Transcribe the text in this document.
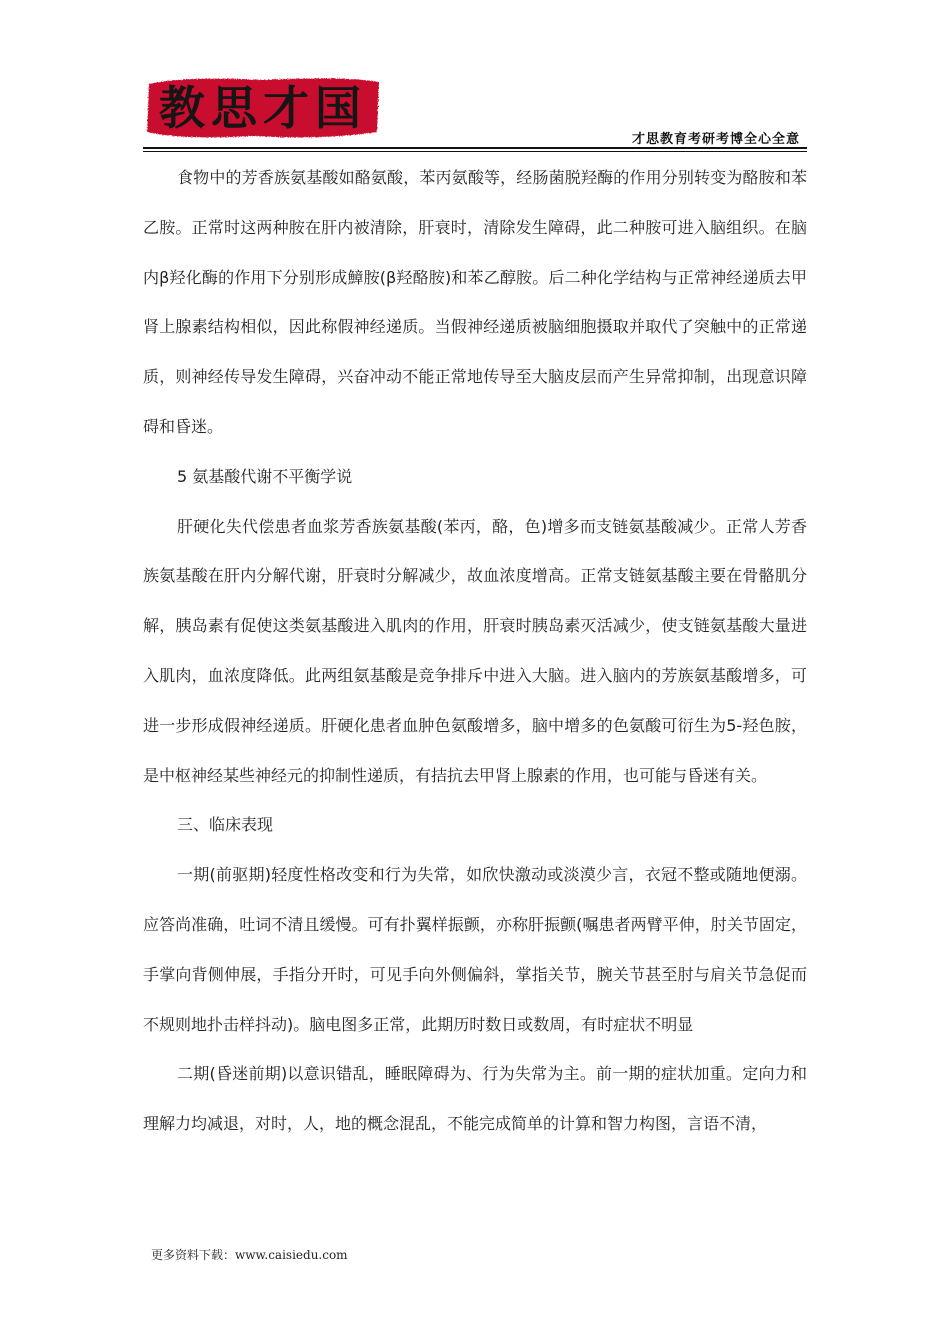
教思才国
才思教育考研考博全心全意

食物中的芳香族氨基酸如酪氨酸，苯丙氨酸等，经肠菌脱羟酶的作用分别转变为酪胺和苯乙胺。正常时这两种胺在肝内被清除，肝衰时，清除发生障碍，此二种胺可进入脑组织。在脑内β羟化酶的作用下分别形成鱆胺(β羟酪胺)和苯乙醇胺。后二种化学结构与正常神经递质去甲肾上腺素结构相似，因此称假神经递质。当假神经递质被脑细胞摄取并取代了突触中的正常递质，则神经传导发生障碍，兴奋冲动不能正常地传导至大脑皮层而产生异常抑制，出现意识障碍和昏迷。

5 氨基酸代谢不平衡学说

肝硬化失代偿患者血浆芳香族氨基酸(苯丙，酪，色)增多而支链氨基酸减少。正常人芳香族氨基酸在肝内分解代谢，肝衰时分解减少，故血浓度增高。正常支链氨基酸主要在骨骼肌分解，胰岛素有促使这类氨基酸进入肌肉的作用，肝衰时胰岛素灭活减少，使支链氨基酸大量进入肌肉，血浓度降低。此两组氨基酸是竞争排斥中进入大脑。进入脑内的芳族氨基酸增多，可进一步形成假神经递质。肝硬化患者血肿色氨酸增多，脑中增多的色氨酸可衍生为5-羟色胺，是中枢神经某些神经元的抑制性递质，有拮抗去甲肾上腺素的作用，也可能与昏迷有关。

三、临床表现

一期(前驱期)轻度性格改变和行为失常，如欣快激动或淡漠少言，衣冠不整或随地便溺。应答尚准确，吐词不清且缓慢。可有扑翼样振颤，亦称肝振颤(嘱患者两臂平伸，肘关节固定，手掌向背侧伸展，手指分开时，可见手向外侧偏斜，掌指关节，腕关节甚至肘与肩关节急促而不规则地扑击样抖动)。脑电图多正常，此期历时数日或数周，有时症状不明显

二期(昏迷前期)以意识错乱，睡眠障碍为、行为失常为主。前一期的症状加重。定向力和理解力均减退，对时，人，地的概念混乱，不能完成简单的计算和智力构图，言语不清，

更多资料下载：www.caisiedu.com
